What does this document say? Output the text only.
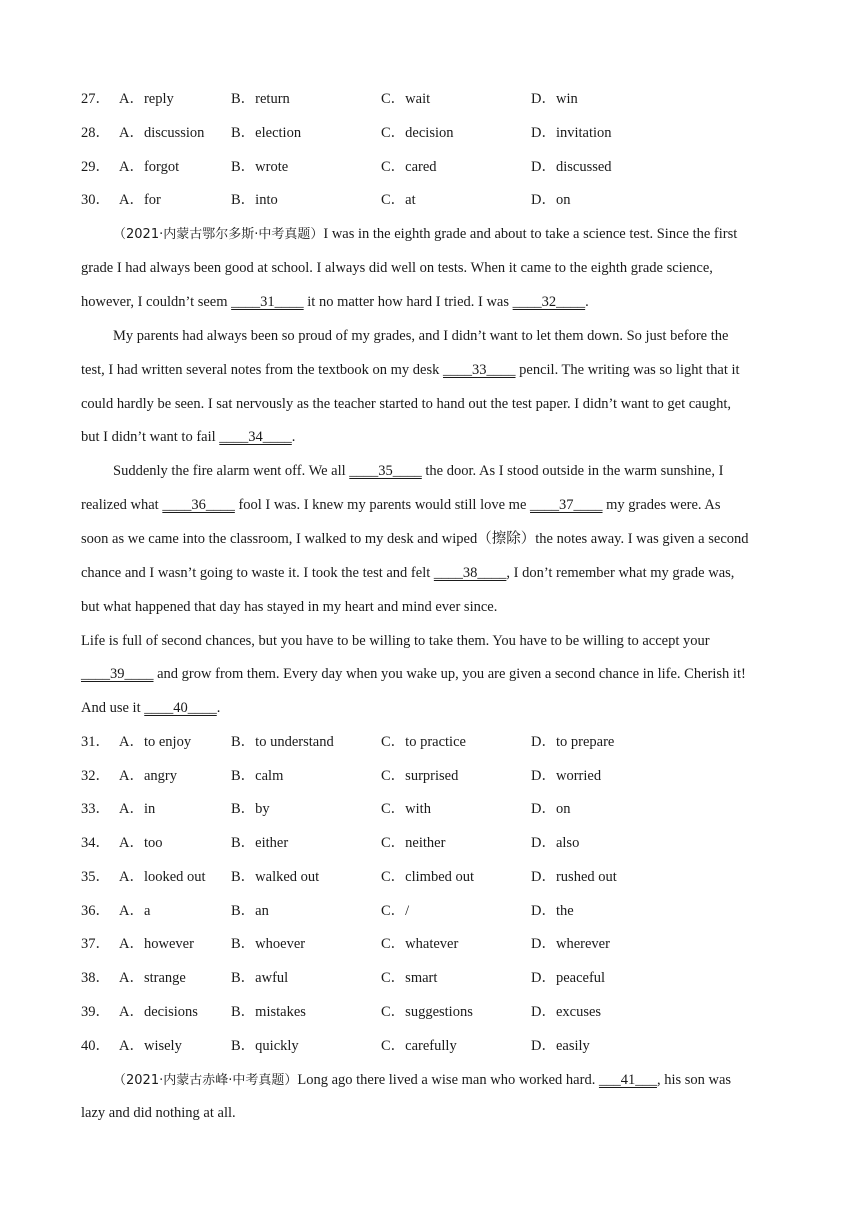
27． A．reply	B．return	C．wait	D．win
28． A．discussion B．election	C．decision	D．invitation
29． A．forgot	B．wrote	C．cared	D．discussed
30． A．for	B．into	C．at	D．on
（2021·内蒙古鄂尔多斯·中考真题）I was in the eighth grade and about to take a science test. Since the first
grade I had always been good at school. I always did well on tests. When it came to the eighth grade science,
however, I couldn’t seem ____31____ it no matter how hard I tried. I was ____32____.
My parents had always been so proud of my grades, and I didn’t want to let them down. So just before the
test, I had written several notes from the textbook on my desk ____33____ pencil. The writing was so light that it
could hardly be seen. I sat nervously as the teacher started to hand out the test paper. I didn’t want to get caught,
but I didn’t want to fail ____34____.
Suddenly the fire alarm went off. We all ____35____ the door. As I stood outside in the warm sunshine, I
realized what ____36____ fool I was. I knew my parents would still love me ____37____ my grades were. As
soon as we came into the classroom, I walked to my desk and wiped（擦除）the notes away. I was given a second
chance and I wasn’t going to waste it. I took the test and felt ____38____, I don’t remember what my grade was,
but what happened that day has stayed in my heart and mind ever since.
Life is full of second chances, but you have to be willing to take them. You have to be willing to accept your
____39____ and grow from them. Every day when you wake up, you are given a second chance in life. Cherish it!
And use it ____40____.
31． A．to enjoy	B．to understand	C．to practice	D．to prepare
32． A．angry	B．calm	C．surprised	D．worried
33． A．in	B．by	C．with	D．on
34． A．too	B．either	C．neither	D．also
35． A．looked out B．walked out	C．climbed out	D．rushed out
36． A．a	B．an	C．/	D．the
37． A．however	B．whoever	C．whatever	D．wherever
38． A．strange	B．awful	C．smart	D．peaceful
39． A．decisions B．mistakes	C．suggestions	D．excuses
40． A．wisely	B．quickly	C．carefully	D．easily
（2021·内蒙古赤峰·中考真题）Long ago there lived a wise man who worked hard. ___41___, his son was
lazy and did nothing at all.
